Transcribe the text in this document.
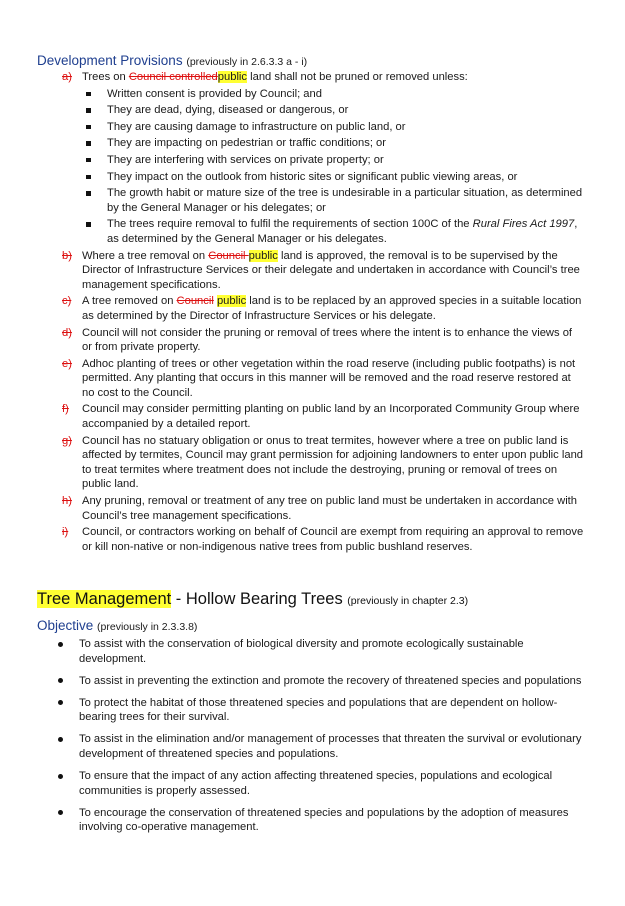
Development Provisions (previously in 2.6.3.3 a - i)
a) Trees on Council controlledpublic land shall not be pruned or removed unless:
Written consent is provided by Council; and
They are dead, dying, diseased or dangerous, or
They are causing damage to infrastructure on public land, or
They are impacting on pedestrian or traffic conditions; or
They are interfering with services on private property; or
They impact on the outlook from historic sites or significant public viewing areas, or
The growth habit or mature size of the tree is undesirable in a particular situation, as determined by the General Manager or his delegates; or
The trees require removal to fulfil the requirements of section 100C of the Rural Fires Act 1997, as determined by the General Manager or his delegates.
b) Where a tree removal on Council public land is approved, the removal is to be supervised by the Director of Infrastructure Services or their delegate and undertaken in accordance with Council’s tree management specifications.
c) A tree removed on Council public land is to be replaced by an approved species in a suitable location as determined by the Director of Infrastructure Services or his delegate.
d) Council will not consider the pruning or removal of trees where the intent is to enhance the views of or from private property.
e) Adhoc planting of trees or other vegetation within the road reserve (including public footpaths) is not permitted. Any planting that occurs in this manner will be removed and the road reserve restored at no cost to the Council.
f) Council may consider permitting planting on public land by an Incorporated Community Group where accompanied by a detailed report.
g) Council has no statuary obligation or onus to treat termites, however where a tree on public land is affected by termites, Council may grant permission for adjoining landowners to enter upon public land to treat termites where treatment does not include the destroying, pruning or removal of trees on public land.
h) Any pruning, removal or treatment of any tree on public land must be undertaken in accordance with Council’s tree management specifications.
i) Council, or contractors working on behalf of Council are exempt from requiring an approval to remove or kill non-native or non-indigenous native trees from public bushland reserves.
Tree Management - Hollow Bearing Trees (previously in chapter 2.3)
Objective (previously in 2.3.3.8)
To assist with the conservation of biological diversity and promote ecologically sustainable development.
To assist in preventing the extinction and promote the recovery of threatened species and populations
To protect the habitat of those threatened species and populations that are dependent on hollow-bearing trees for their survival.
To assist in the elimination and/or management of processes that threaten the survival or evolutionary development of threatened species and populations.
To ensure that the impact of any action affecting threatened species, populations and ecological communities is properly assessed.
To encourage the conservation of threatened species and populations by the adoption of measures involving co-operative management.
